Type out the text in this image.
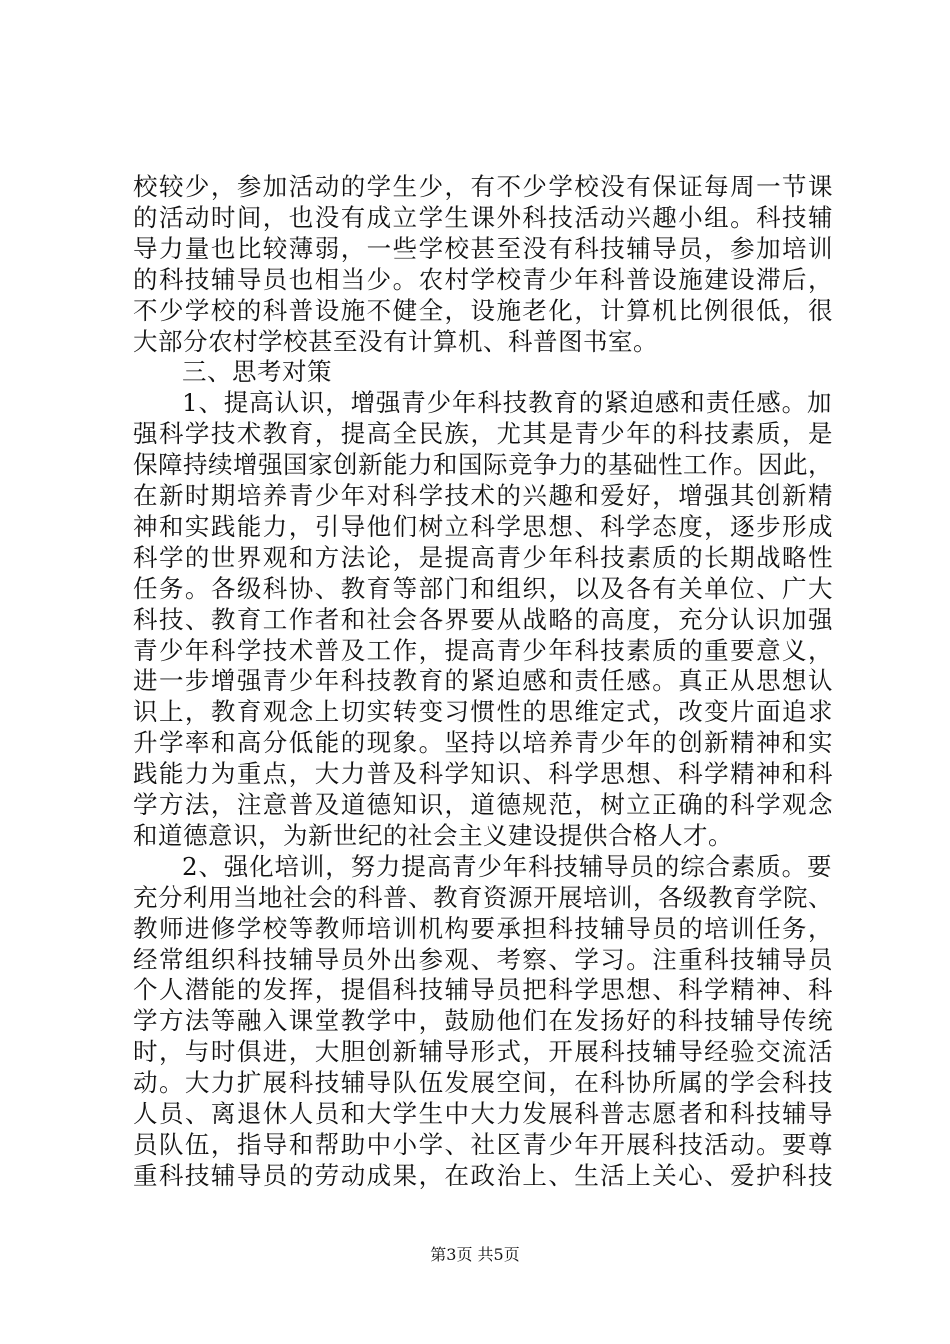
校较少，参加活动的学生少，有不少学校没有保证每周一节课
的活动时间，也没有成立学生课外科技活动兴趣小组。科技辅
导力量也比较薄弱，一些学校甚至没有科技辅导员，参加培训
的科技辅导员也相当少。农村学校青少年科普设施建设滞后，
不少学校的科普设施不健全，设施老化，计算机比例很低，很
大部分农村学校甚至没有计算机、科普图书室。
三、思考对策
1、提高认识，增强青少年科技教育的紧迫感和责任感。加
强科学技术教育，提高全民族，尤其是青少年的科技素质，是
保障持续增强国家创新能力和国际竞争力的基础性工作。因此，
在新时期培养青少年对科学技术的兴趣和爱好，增强其创新精
神和实践能力，引导他们树立科学思想、科学态度，逐步形成
科学的世界观和方法论，是提高青少年科技素质的长期战略性
任务。各级科协、教育等部门和组织，以及各有关单位、广大
科技、教育工作者和社会各界要从战略的高度，充分认识加强
青少年科学技术普及工作，提高青少年科技素质的重要意义，
进一步增强青少年科技教育的紧迫感和责任感。真正从思想认
识上，教育观念上切实转变习惯性的思维定式，改变片面追求
升学率和高分低能的现象。坚持以培养青少年的创新精神和实
践能力为重点，大力普及科学知识、科学思想、科学精神和科
学方法，注意普及道德知识，道德规范，树立正确的科学观念
和道德意识，为新世纪的社会主义建设提供合格人才。
2、强化培训，努力提高青少年科技辅导员的综合素质。要
充分利用当地社会的科普、教育资源开展培训，各级教育学院、
教师进修学校等教师培训机构要承担科技辅导员的培训任务，
经常组织科技辅导员外出参观、考察、学习。注重科技辅导员
个人潜能的发挥，提倡科技辅导员把科学思想、科学精神、科
学方法等融入课堂教学中，鼓励他们在发扬好的科技辅导传统
时，与时俱进，大胆创新辅导形式，开展科技辅导经验交流活
动。大力扩展科技辅导队伍发展空间，在科协所属的学会科技
人员、离退休人员和大学生中大力发展科普志愿者和科技辅导
员队伍，指导和帮助中小学、社区青少年开展科技活动。要尊
重科技辅导员的劳动成果，在政治上、生活上关心、爱护科技
第3页 共5页
